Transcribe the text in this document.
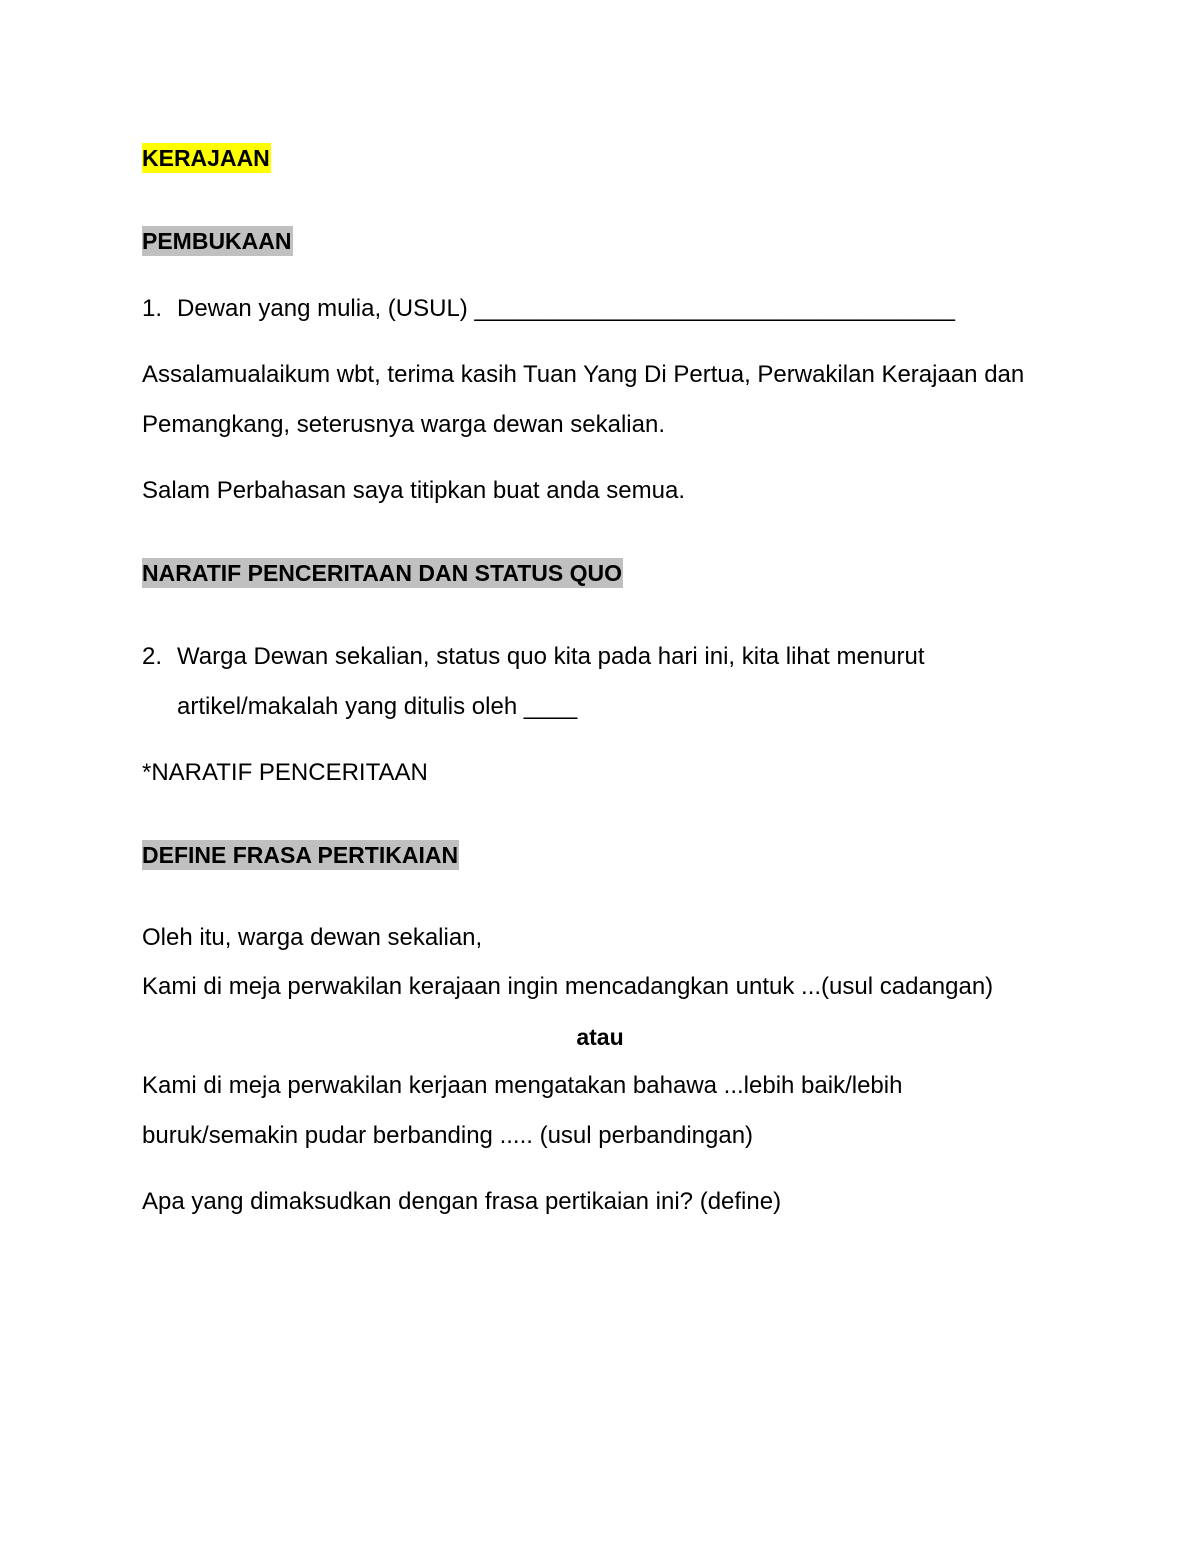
KERAJAAN
PEMBUKAAN
1. Dewan yang mulia, (USUL) ____________________________________
Assalamualaikum wbt, terima kasih Tuan Yang Di Pertua, Perwakilan Kerajaan dan
Pemangkang, seterusnya warga dewan sekalian.
Salam Perbahasan saya titipkan buat anda semua.
NARATIF PENCERITAAN DAN STATUS QUO
2. Warga Dewan sekalian, status quo kita pada hari ini, kita lihat menurut
artikel/makalah yang ditulis oleh ____
*NARATIF PENCERITAAN
DEFINE FRASA PERTIKAIAN
Oleh itu, warga dewan sekalian,
Kami di meja perwakilan kerajaan ingin mencadangkan untuk ...(usul cadangan)
atau
Kami di meja perwakilan kerjaan mengatakan bahawa ...lebih baik/lebih
buruk/semakin pudar berbanding ..... (usul perbandingan)
Apa yang dimaksudkan dengan frasa pertikaian ini? (define)
